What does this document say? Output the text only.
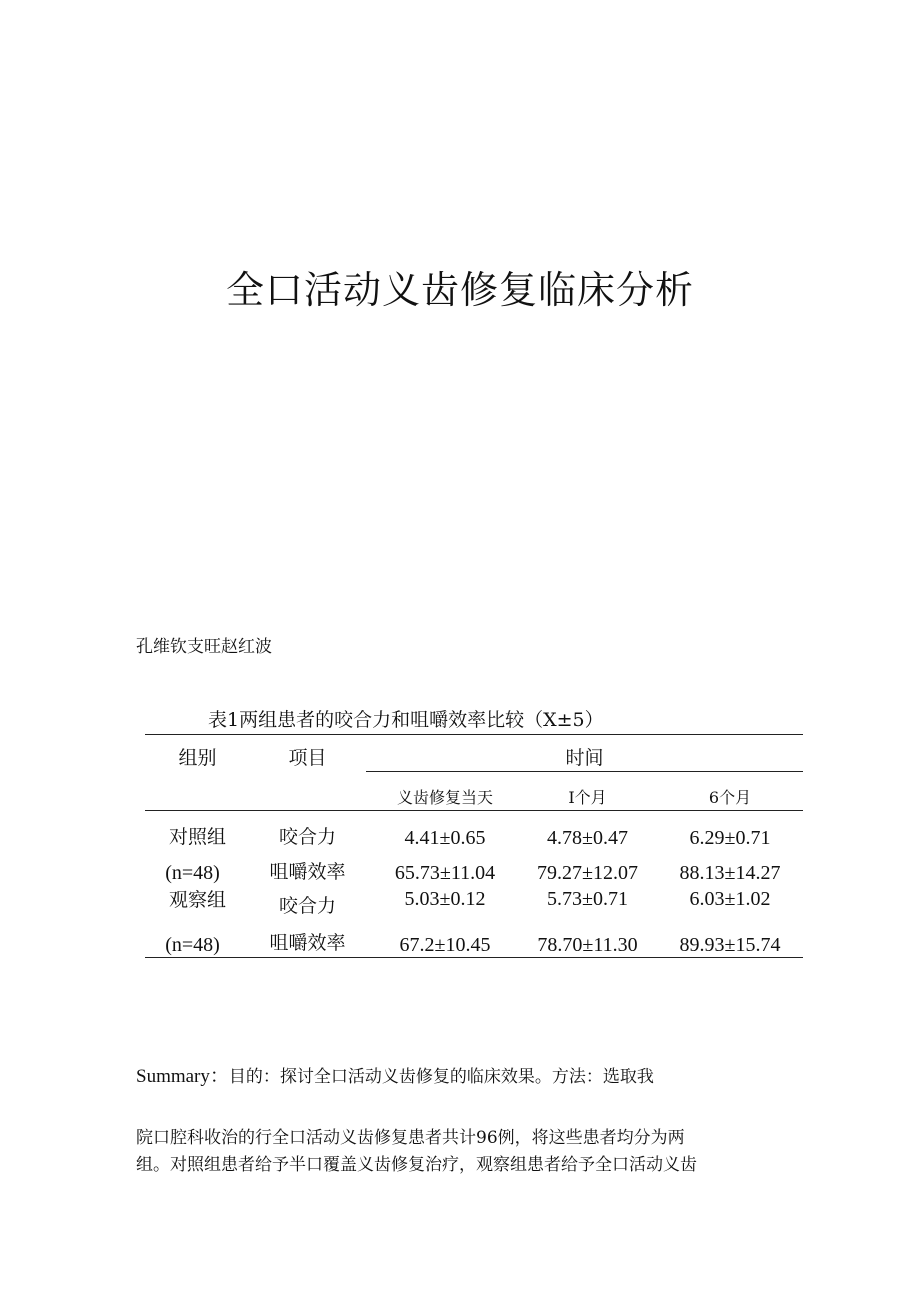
全口活动义齿修复临床分析
孔维钦支旺赵红波
表1两组患者的咬合力和咀嚼效率比较（X±5）
组别	项目	时间
义齿修复当天	I个月	6个月
对照组	咬合力	4.41±0.65	4.78±0.47	6.29±0.71
(n=48)	咀嚼效率	65.73±11.04	79.27±12.07	88.13±14.27
观察组	咬合力	5.03±0.12	5.73±0.71	6.03±1.02
(n=48)	咀嚼效率	67.2±10.45	78.70±11.30	89.93±15.74
Summary：目的：探讨全口活动义齿修复的临床效果。方法：选取我
院口腔科收治的行全口活动义齿修复患者共计96例，将这些患者均分为两
组。对照组患者给予半口覆盖义齿修复治疗，观察组患者给予全口活动义齿
